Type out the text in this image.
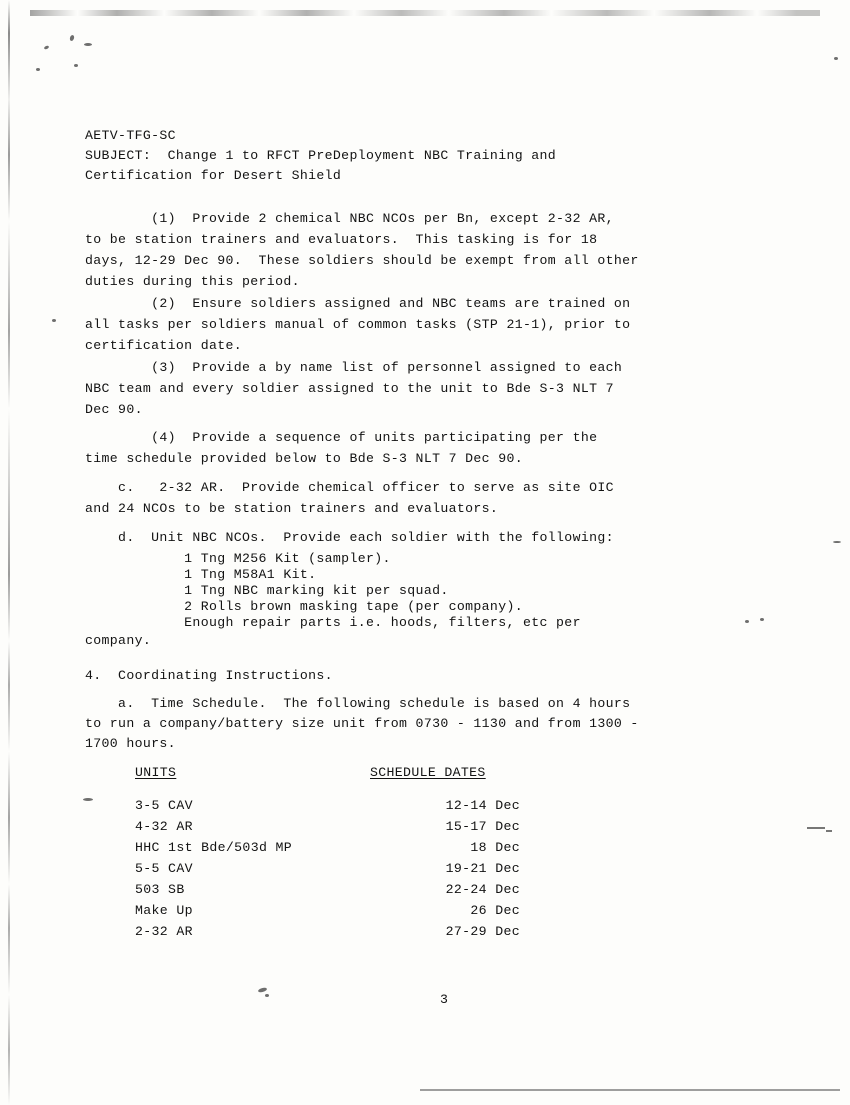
AETV-TFG-SC
SUBJECT:  Change 1 to RFCT PreDeployment NBC Training and
Certification for Desert Shield
(1)  Provide 2 chemical NBC NCOs per Bn, except 2-32 AR,
to be station trainers and evaluators.  This tasking is for 18
days, 12-29 Dec 90.  These soldiers should be exempt from all other
duties during this period.
(2)  Ensure soldiers assigned and NBC teams are trained on
all tasks per soldiers manual of common tasks (STP 21-1), prior to
certification date.
(3)  Provide a by name list of personnel assigned to each
NBC team and every soldier assigned to the unit to Bde S-3 NLT 7
Dec 90.
(4)  Provide a sequence of units participating per the
time schedule provided below to Bde S-3 NLT 7 Dec 90.
c.   2-32 AR.  Provide chemical officer to serve as site OIC
and 24 NCOs to be station trainers and evaluators.
d.  Unit NBC NCOs.  Provide each soldier with the following:
1 Tng M256 Kit (sampler).
1 Tng M58A1 Kit.
1 Tng NBC marking kit per squad.
2 Rolls brown masking tape (per company).
Enough repair parts i.e. hoods, filters, etc per
company.
4.  Coordinating Instructions.
a.  Time Schedule.  The following schedule is based on 4 hours
to run a company/battery size unit from 0730 - 1130 and from 1300 -
1700 hours.
UNITS	SCHEDULE DATES
3-5 CAV
4-32 AR
HHC 1st Bde/503d MP
5-5 CAV
503 SB
Make Up
2-32 AR
12-14 Dec
15-17 Dec
18 Dec
19-21 Dec
22-24 Dec
26 Dec
27-29 Dec
3
